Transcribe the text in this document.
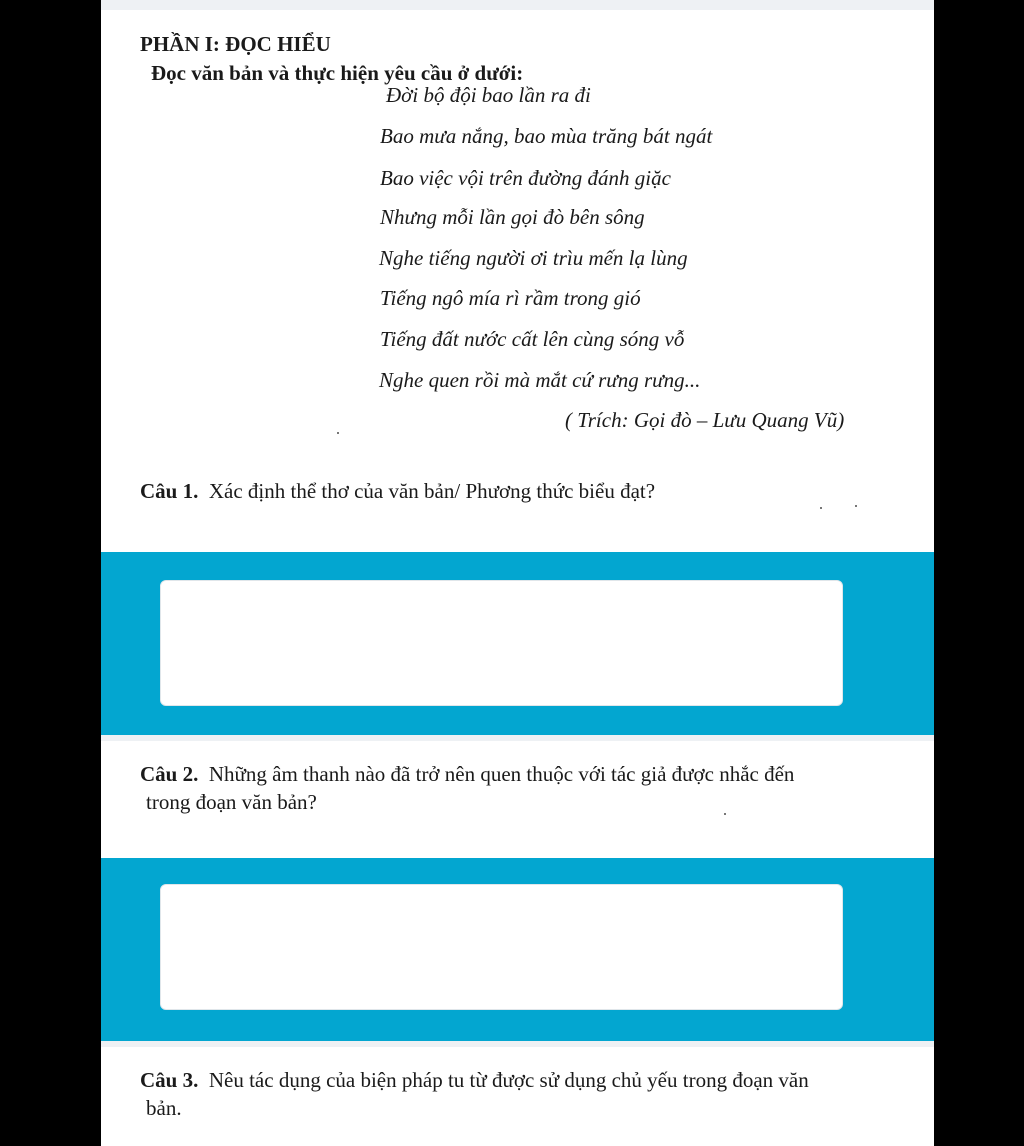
PHẦN I: ĐỌC HIỂU
Đọc văn bản và thực hiện yêu cầu ở dưới:
Đời bộ đội bao lần ra đi
Bao mưa nắng, bao mùa trăng bát ngát
Bao việc vội trên đường đánh giặc
Nhưng mỗi lần gọi đò bên sông
Nghe tiếng người ơi trìu mến lạ lùng
Tiếng ngô mía rì rầm trong gió
Tiếng đất nước cất lên cùng sóng vỗ
Nghe quen rồi mà mắt cứ rưng rưng...
( Trích: Gọi đò – Lưu Quang Vũ)
Câu 1. Xác định thể thơ của văn bản/ Phương thức biểu đạt?
Câu 2. Những âm thanh nào đã trở nên quen thuộc với tác giả được nhắc đến
trong đoạn văn bản?
Câu 3. Nêu tác dụng của biện pháp tu từ được sử dụng chủ yếu trong đoạn văn
bản.
